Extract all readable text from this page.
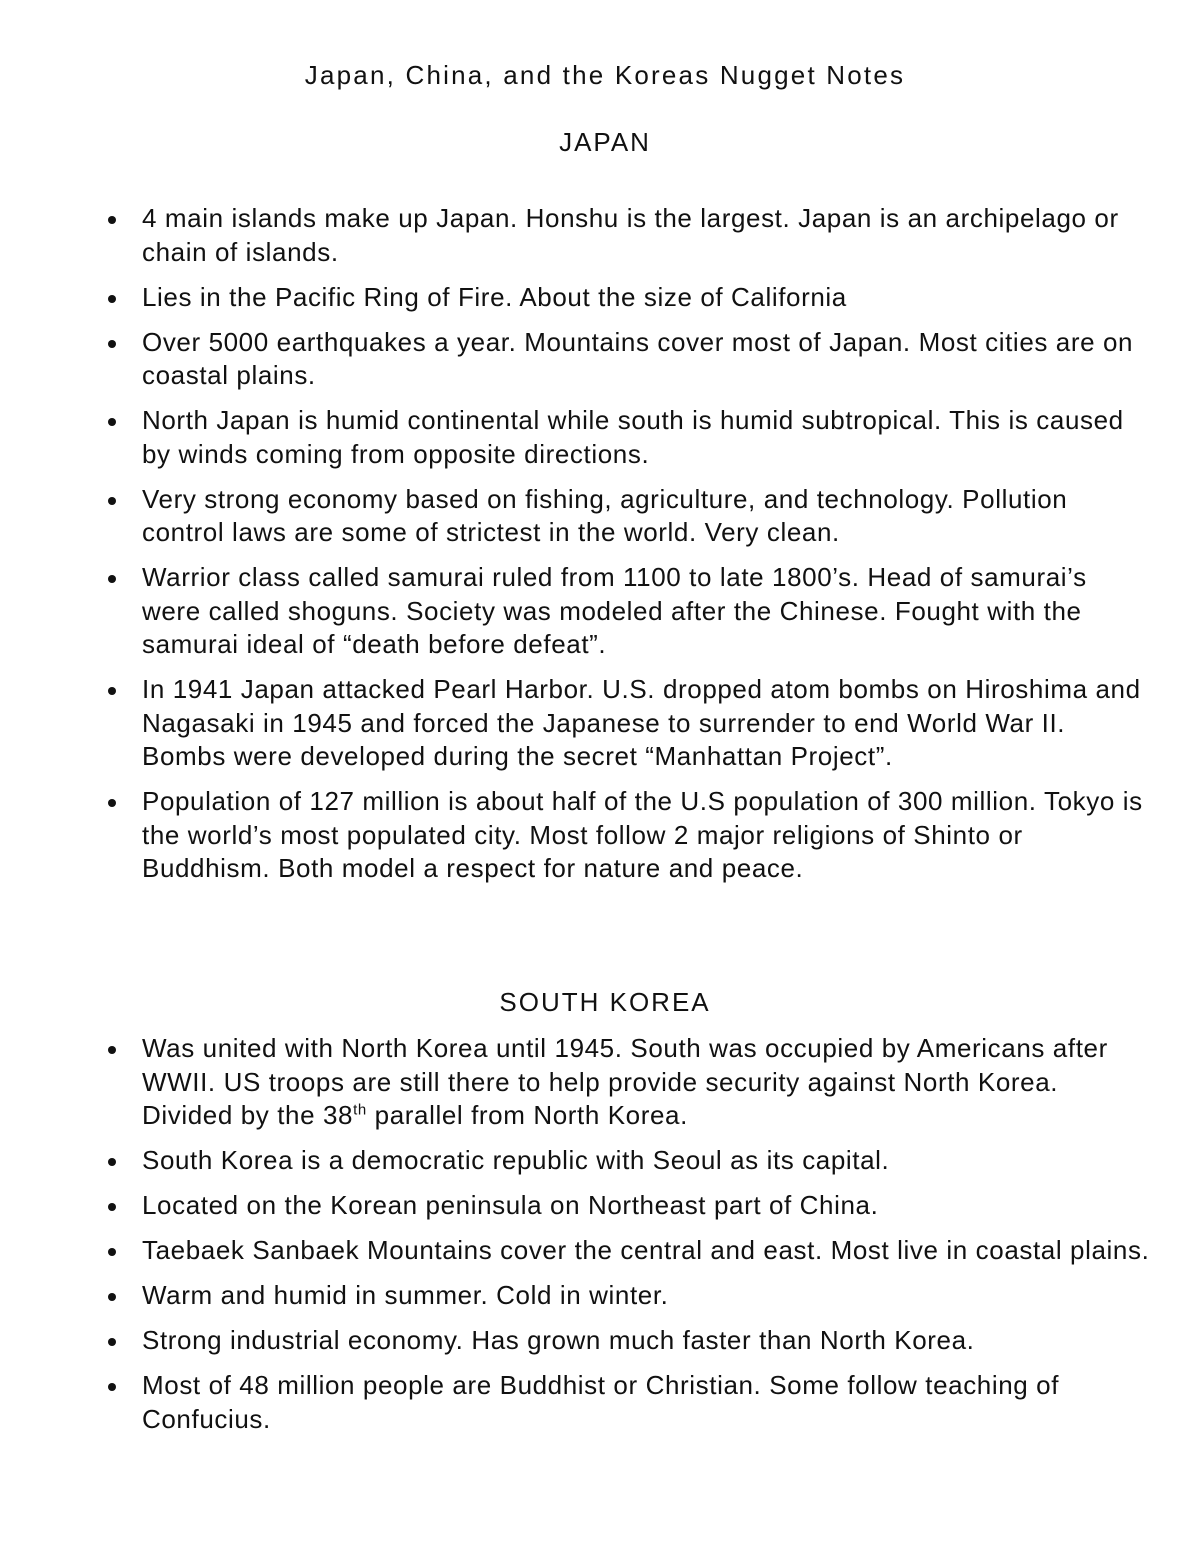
Japan, China, and the Koreas Nugget Notes
JAPAN
4 main islands make up Japan. Honshu is the largest. Japan is an archipelago or chain of islands.
Lies in the Pacific Ring of Fire. About the size of California
Over 5000 earthquakes a year. Mountains cover most of Japan. Most cities are on coastal plains.
North Japan is humid continental while south is humid subtropical. This is caused by winds coming from opposite directions.
Very strong economy based on fishing, agriculture, and technology. Pollution control laws are some of strictest in the world. Very clean.
Warrior class called samurai ruled from 1100 to late 1800’s. Head of samurai’s were called shoguns. Society was modeled after the Chinese. Fought with the samurai ideal of “death before defeat”.
In 1941 Japan attacked Pearl Harbor. U.S. dropped atom bombs on Hiroshima and Nagasaki in 1945 and forced the Japanese to surrender to end World War II. Bombs were developed during the secret “Manhattan Project”.
Population of 127 million is about half of the U.S population of 300 million. Tokyo is the world’s most populated city. Most follow 2 major religions of Shinto or Buddhism. Both model a respect for nature and peace.
SOUTH KOREA
Was united with North Korea until 1945. South was occupied by Americans after WWII. US troops are still there to help provide security against North Korea. Divided by the 38th parallel from North Korea.
South Korea is a democratic republic with Seoul as its capital.
Located on the Korean peninsula on Northeast part of China.
Taebaek Sanbaek Mountains cover the central and east. Most live in coastal plains.
Warm and humid in summer. Cold in winter.
Strong industrial economy. Has grown much faster than North Korea.
Most of 48 million people are Buddhist or Christian. Some follow teaching of Confucius.
